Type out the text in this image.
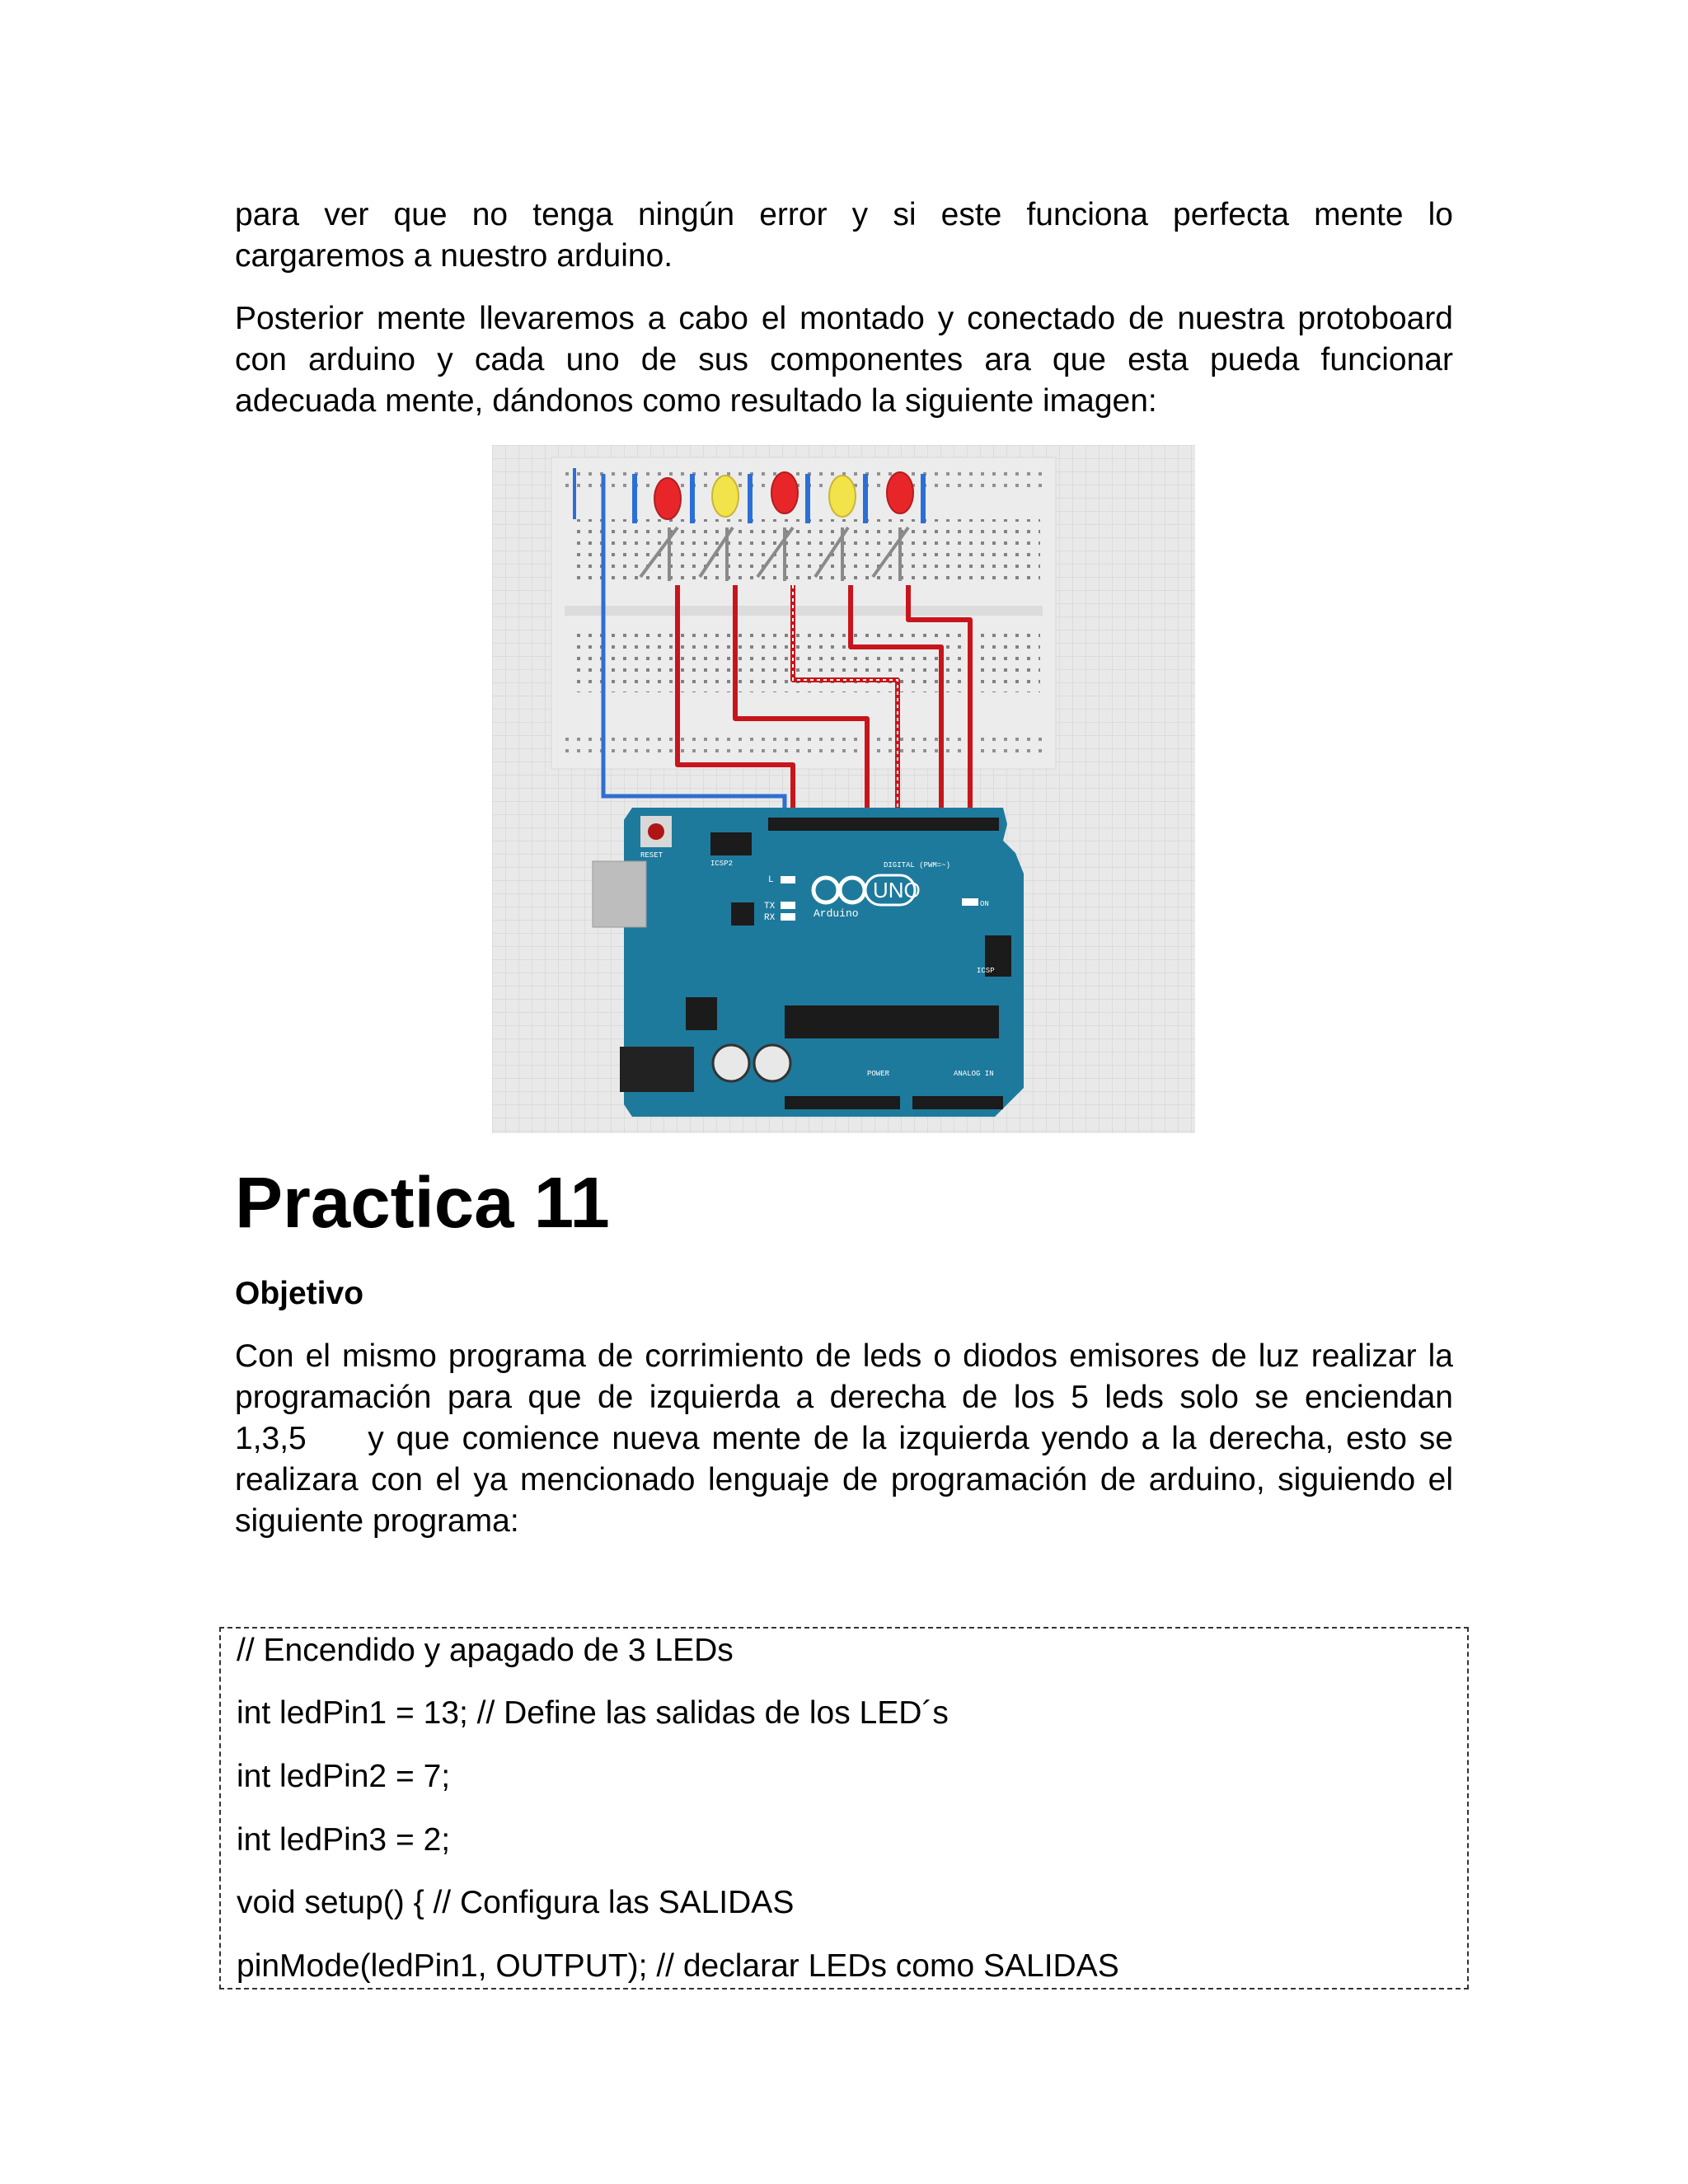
para ver que no tenga ningún error y si este funciona perfecta mente lo
cargaremos a nuestro arduino.

Posterior mente llevaremos a cabo el montado y conectado de nuestra protoboard
con arduino y cada uno de sus componentes ara que esta pueda funcionar
adecuada mente, dándonos como resultado la siguiente imagen:

RESET
ICSP2	DIGITAL (PWM=~)
L
TX
RX
UNO
Arduino
ON
ICSP
POWER	ANALOG IN
Practica 11
Objetivo

Con el mismo programa de corrimiento de leds o diodos emisores de luz realizar la
programación para que de izquierda a derecha de los 5 leds solo se enciendan
1,3,5     y que comience nueva mente de la izquierda yendo a la derecha, esto se
realizara con el ya mencionado lenguaje de programación de arduino, siguiendo el
siguiente programa:

// Encendido y apagado de 3 LEDs
int ledPin1 = 13; // Define las salidas de los LED´s
int ledPin2 = 7;
int ledPin3 = 2;
void setup() { // Configura las SALIDAS
pinMode(ledPin1, OUTPUT); // declarar LEDs como SALIDAS
